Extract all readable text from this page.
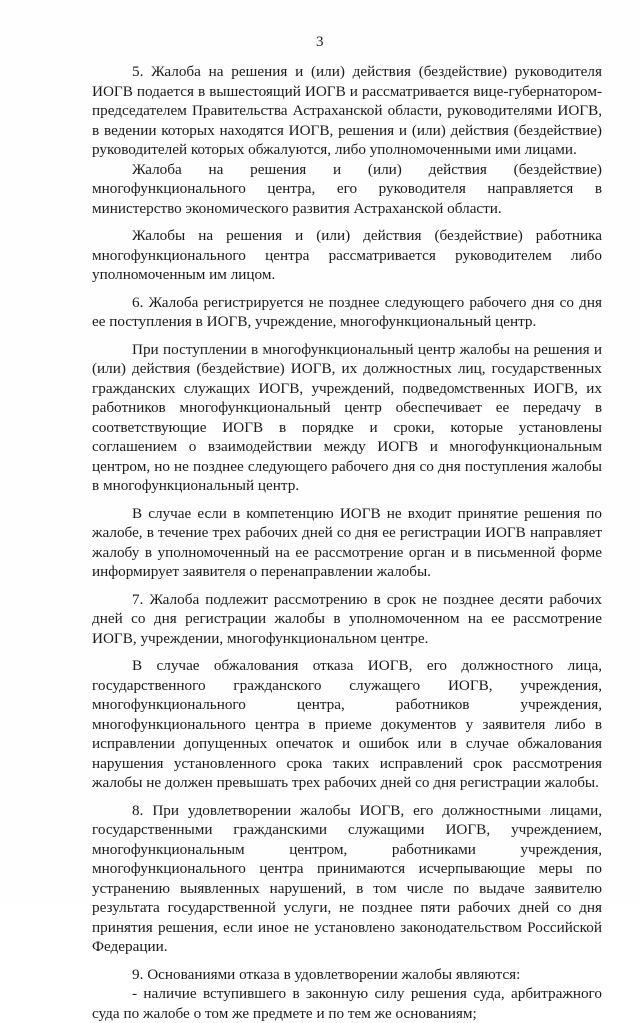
3

5. Жалоба на решения и (или) действия (бездействие) руководителя ИОГВ подается в вышестоящий ИОГВ и рассматривается вице-губернатором-председателем Правительства Астраханской области, руководителями ИОГВ, в ведении которых находятся ИОГВ, решения и (или) действия (бездействие) руководителей которых обжалуются, либо уполномоченными ими лицами.

Жалоба на решения и (или) действия (бездействие) многофункционального центра, его руководителя направляется в министерство экономического развития Астраханской области.

Жалобы на решения и (или) действия (бездействие) работника многофункционального центра рассматривается руководителем либо уполномоченным им лицом.

6. Жалоба регистрируется не позднее следующего рабочего дня со дня ее поступления в ИОГВ, учреждение, многофункциональный центр.

При поступлении в многофункциональный центр жалобы на решения и (или) действия (бездействие) ИОГВ, их должностных лиц, государственных гражданских служащих ИОГВ, учреждений, подведомственных ИОГВ, их работников многофункциональный центр обеспечивает ее передачу в соответствующие ИОГВ в порядке и сроки, которые установлены соглашением о взаимодействии между ИОГВ и многофункциональным центром, но не позднее следующего рабочего дня со дня поступления жалобы в многофункциональный центр.

В случае если в компетенцию ИОГВ не входит принятие решения по жалобе, в течение трех рабочих дней со дня ее регистрации ИОГВ направляет жалобу в уполномоченный на ее рассмотрение орган и в письменной форме информирует заявителя о перенаправлении жалобы.

7. Жалоба подлежит рассмотрению в срок не позднее десяти рабочих дней со дня регистрации жалобы в уполномоченном на ее рассмотрение ИОГВ, учреждении, многофункциональном центре.

В случае обжалования отказа ИОГВ, его должностного лица, государственного гражданского служащего ИОГВ, учреждения, многофункционального центра, работников учреждения, многофункционального центра в приеме документов у заявителя либо в исправлении допущенных опечаток и ошибок или в случае обжалования нарушения установленного срока таких исправлений срок рассмотрения жалобы не должен превышать трех рабочих дней со дня регистрации жалобы.

8. При удовлетворении жалобы ИОГВ, его должностными лицами, государственными гражданскими служащими ИОГВ, учреждением, многофункциональным центром, работниками учреждения, многофункционального центра принимаются исчерпывающие меры по устранению выявленных нарушений, в том числе по выдаче заявителю результата государственной услуги, не позднее пяти рабочих дней со дня принятия решения, если иное не установлено законодательством Российской Федерации.

9. Основаниями отказа в удовлетворении жалобы являются:

- наличие вступившего в законную силу решения суда, арбитражного суда по жалобе о том же предмете и по тем же основаниям;
